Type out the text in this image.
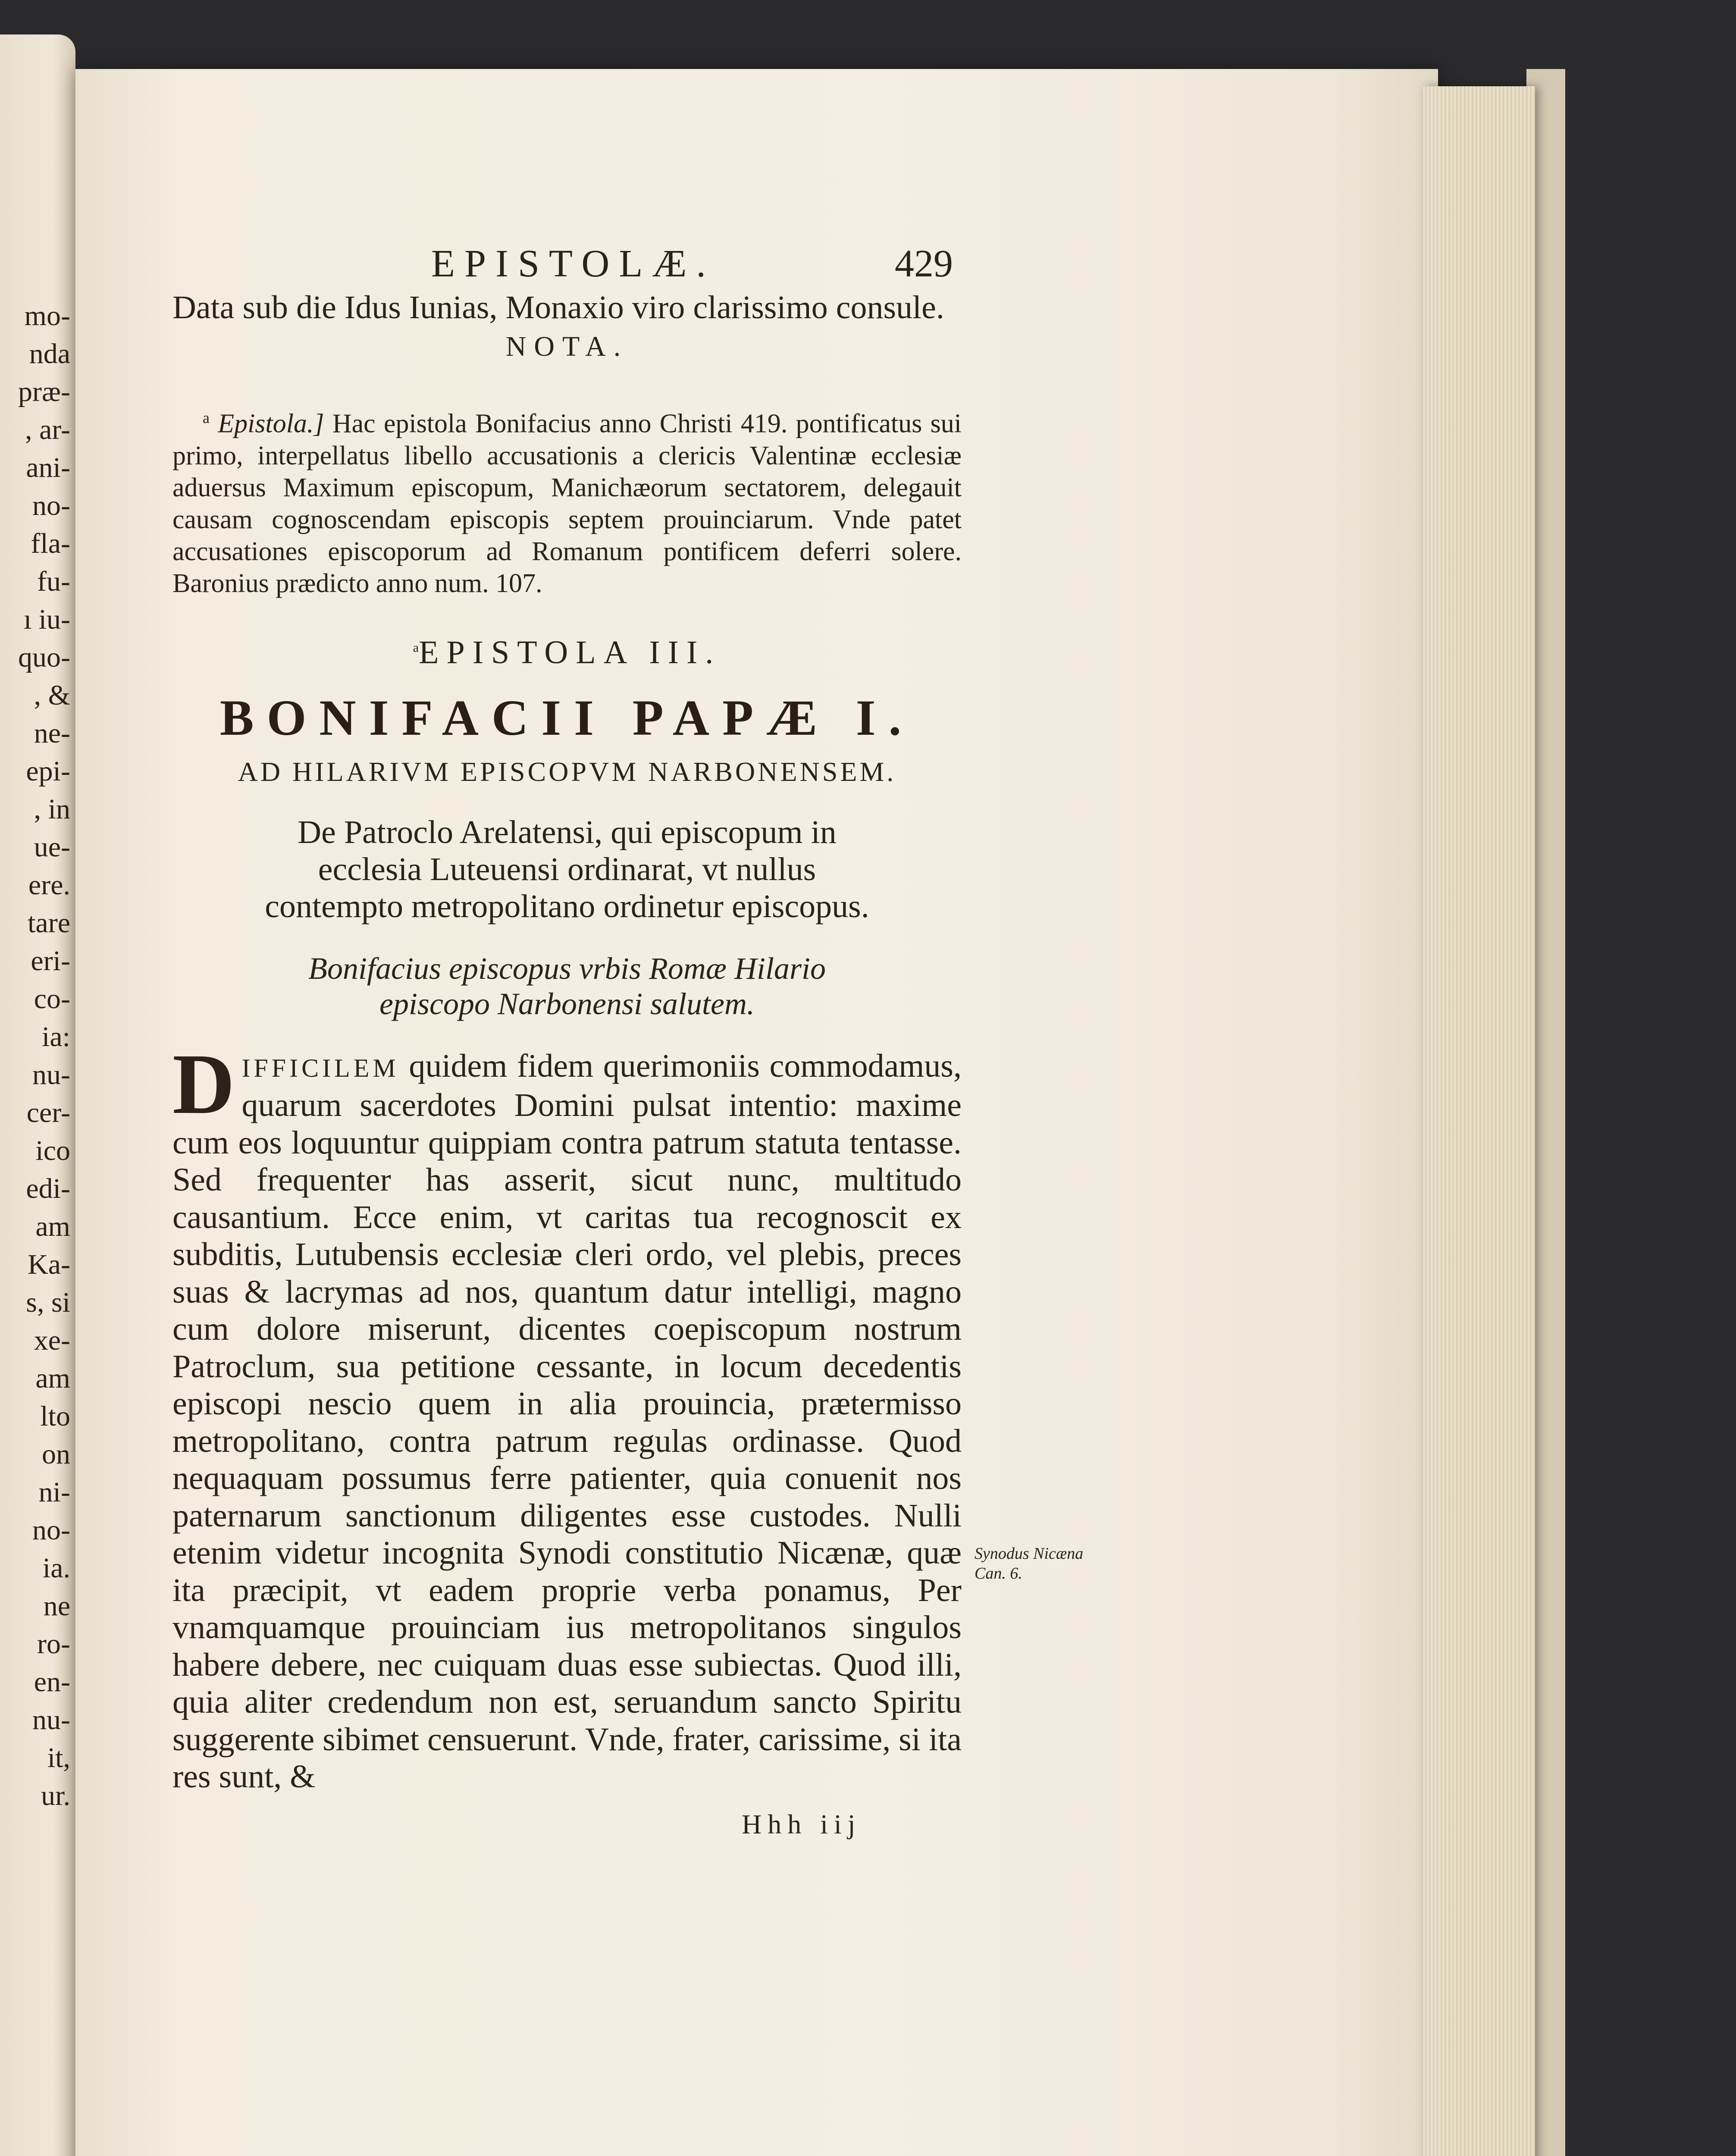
mo-
nda
præ-
, ar-
ani-
no-
fla-
fu-
ı iu-
quo-
, &
ne-
epi-
, in
ue-
ere.
tare
eri-
co-
ia:
nu-
cer-
ico
edi-
am
Ka-
s, si
xe-
am
lto
on
ni-
no-
ia.
ne
ro-
en-
nu-
it,
ur.
EPISTOLÆ.	429
Data sub die Idus Iunias, Monaxio viro clarissimo consule.
NOTA.
$^a$ Epistola.] Hac epistola Bonifacius anno Christi 419. pontificatus sui primo, interpellatus libello accusationis a clericis Valentinæ ecclesiæ aduersus Maximum episcopum, Manichæorum sectatorem, delegauit causam cognoscendam episcopis septem prouinciarum. Vnde patet accusationes episcoporum ad Romanum pontificem deferri solere. Baronius prædicto anno num. 107.
$^a$EPISTOLA III.
BONIFACII PAPÆ I.
AD HILARIVM EPISCOPVM NARBONENSEM.
De Patroclo Arelatensi, qui episcopum in ecclesia Luteuensi ordinarat, vt nullus contempto metropolitano ordinetur episcopus.
Bonifacius episcopus vrbis Romæ Hilario episcopo Narbonensi salutem.
DIFFICILEM quidem fidem querimoniis commodamus, quarum sacerdotes Domini pulsat intentio: maxime cum eos loquuntur quippiam contra patrum statuta tentasse. Sed frequenter has asserit, sicut nunc, multitudo causantium. Ecce enim, vt caritas tua recognoscit ex subditis, Lutubensis ecclesiæ cleri ordo, vel plebis, preces suas & lacrymas ad nos, quantum datur intelligi, magno cum dolore miserunt, dicentes coepiscopum nostrum Patroclum, sua petitione cessante, in locum decedentis episcopi nescio quem in alia prouincia, prætermisso metropolitano, contra patrum regulas ordinasse. Quod nequaquam possumus ferre patienter, quia conuenit nos paternarum sanctionum diligentes esse custodes. Nulli etenim videtur incognita Synodi constitutio Nicænæ, quæ ita præcipit, vt eadem proprie verba ponamus, Per vnamquamque prouinciam ius metropolitanos singulos habere debere, nec cuiquam duas esse subiectas. Quod illi, quia aliter credendum non est, seruandum sancto Spiritu suggerente sibimet censuerunt. Vnde, frater, carissime, si ita res sunt, &
Hhh iij
Synodus Nicæna Can. 6.
